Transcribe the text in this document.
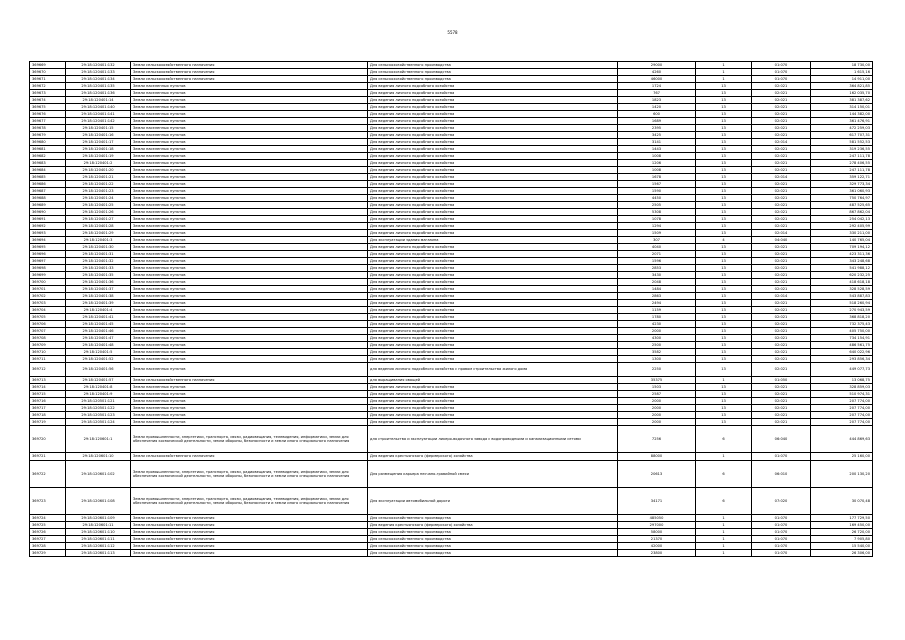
5578
369669	29:18:120401:132	Земли сельскохозяйственного назначения	Для сельскохозяйственного производства	29000	1	01:070	18 730,00
369670	29:18:120401:133	Земли сельскохозяйственного назначения	Для сельскохозяйственного производства	4260	1	01:070	1 615,16
369671	29:18:120401:134	Земли сельскохозяйственного назначения	Для сельскохозяйственного производства	46000	1	01:070	14 911,00
369672	29:18:120401:135	Земли населенных пунктов	Для ведения личного подсобного хозяйства	1724	13	02:021	364 821,85
369673	29:18:120401:136	Земли населенных пунктов	Для ведения личного подсобного хозяйства	767	13	02:021	162 035,70
369674	29:18:120401:14	Земли населенных пунктов	Для ведения личного подсобного хозяйства	1823	13	02:021	381 387,62
369675	29:18:120401:140	Земли населенных пунктов	Для ведения личного подсобного хозяйства	1420	13	02:021	314 150,01
369676	29:18:120401:141	Земли населенных пунктов	Для ведения личного подсобного хозяйства	600	13	02:021	144 382,00
369677	29:18:120401:142	Земли населенных пунктов	Для ведения личного подсобного хозяйства	1689	13	02:021	361 476,91
369678	29:18:120401:15	Земли населенных пунктов	Для ведения личного подсобного хозяйства	2395	13	02:021	472 259,03
369679	29:18:120401:16	Земли населенных пунктов	Для ведения личного подсобного хозяйства	3425	13	02:021	617 707,31
369680	29:18:120401:17	Земли населенных пунктов	Для ведения личного подсобного хозяйства	3141	13	02:014	581 552,53
369681	29:18:120401:18	Земли населенных пунктов	Для ведения личного подсобного хозяйства	1443	13	02:021	319 236,55
369682	29:18:120401:19	Земли населенных пунктов	Для ведения личного подсобного хозяйства	1008	13	02:021	247 111,78
369683	29:18:120401:2	Земли населенных пунктов	Для ведения личного подсобного хозяйства	1206	13	02:021	278 406,55
369684	29:18:120401:20	Земли населенных пунктов	Для ведения личного подсобного хозяйства	1008	13	02:021	247 111,78
369685	29:18:120401:21	Земли населенных пунктов	Для ведения личного подсобного хозяйства	1678	13	02:014	359 122,71
369686	29:18:120401:22	Земли населенных пунктов	Для ведения личного подсобного хозяйства	1567	13	02:021	329 773,34
369687	29:18:120401:23	Земли населенных пунктов	Для ведения личного подсобного хозяйства	1590	13	02:021	361 060,93
369688	29:18:120401:24	Земли населенных пунктов	Для ведения личного подсобного хозяйства	4450	13	02:021	750 764,97
369689	29:18:120401:25	Земли населенных пунктов	Для ведения личного подсобного хозяйства	2505	13	02:021	487 525,65
369690	29:18:120401:26	Земли населенных пунктов	Для ведения личного подсобного хозяйства	5308	13	02:021	867 862,04
369691	29:18:120401:27	Земли населенных пунктов	Для ведения личного подсобного хозяйства	1078	13	02:021	254 042,13
369692	29:18:120401:28	Земли населенных пунктов	Для ведения личного подсобного хозяйства	1294	13	02:021	292 405,99
369693	29:18:120401:29	Земли населенных пунктов	Для ведения личного подсобного хозяйства	1509	13	02:014	330 211,00
369694	29:18:120401:3	Земли населенных пунктов	Для эксплуатации здания магазина	307	4	04:040	140 765,04
369695	29:18:120401:30	Земли населенных пунктов	Для ведения личного подсобного хозяйства	4040	13	02:021	709 194,12
369696	29:18:120401:31	Земли населенных пунктов	Для ведения личного подсобного хозяйства	2071	13	02:021	423 311,36
369697	29:18:120401:32	Земли населенных пунктов	Для ведения личного подсобного хозяйства	1596	13	02:021	343 248,68
369698	29:18:120401:33	Земли населенных пунктов	Для ведения личного подсобного хозяйства	2853	13	02:021	541 988,12
369699	29:18:120401:35	Земли населенных пунктов	Для ведения личного подсобного хозяйства	3430	13	02:021	620 232,25
369700	29:18:120401:36	Земли населенных пунктов	Для ведения личного подсобного хозяйства	2048	13	02:021	418 618,18
369701	29:18:120401:37	Земли населенных пунктов	Для ведения личного подсобного хозяйства	1484	13	02:021	328 528,59
369702	29:18:120401:38	Земли населенных пунктов	Для ведения личного подсобного хозяйства	2863	13	02:014	543 887,83
369703	29:18:120401:39	Земли населенных пунктов	Для ведения личного подсобного хозяйства	2494	13	02:021	518 260,94
369704	29:18:120401:4	Земли населенных пунктов	Для ведения личного подсобного хозяйства	1159	13	02:021	270 943,59
369705	29:18:120401:41	Земли населенных пунктов	Для ведения личного подсобного хозяйства	1780	13	02:021	368 818,20
369706	29:18:120401:45	Земли населенных пунктов	Для ведения личного подсобного хозяйства	4230	13	02:021	732 375,43
369707	29:18:120401:46	Земли населенных пунктов	Для ведения личного подсобного хозяйства	2000	13	02:021	405 750,00
369708	29:18:120401:47	Земли населенных пунктов	Для ведения личного подсобного хозяйства	4300	13	02:021	734 154,91
369709	29:18:120401:48	Земли населенных пунктов	Для ведения личного подсобного хозяйства	2500	13	02:021	486 561,75
369710	29:18:120401:5	Земли населенных пунктов	Для ведения личного подсобного хозяйства	3582	13	02:021	640 022,96
369711	29:18:120401:52	Земли населенных пунктов	Для ведения личного подсобного хозяйства	1300	13	02:021	293 856,34
369712	29:18:120401:56	Земли населенных пунктов	для ведения личного подсобного хозяйства с правом строительства жилого дома	2250	13	02:021	449 077,73
369713	29:18:120401:57	Земли сельскохозяйственного назначения	для выращивания овощей	35375	1	01:050	13 068,75
369714	29:18:120401:8	Земли населенных пунктов	Для ведения личного подсобного хозяйства	1503	13	02:021	328 859,03
369715	29:18:120401:9	Земли населенных пунктов	Для ведения личного подсобного хозяйства	2587	13	02:021	510 974,31
369716	29:18:120501:121	Земли населенных пунктов	Для ведения личного подсобного хозяйства	2000	13	02:021	207 774,00
369717	29:18:120501:122	Земли населенных пунктов	Для ведения личного подсобного хозяйства	2000	13	02:021	207 774,00
369718	29:18:120501:123	Земли населенных пунктов	Для ведения личного подсобного хозяйства	2000	13	02:021	207 774,00
369719	29:18:120501:124	Земли населенных пунктов	Для ведения личного подсобного хозяйства	2000	13	02:021	207 774,00
369720	29:18:120601:1	Земли промышленности, энергетики, транспорта, связи, радиовещания, телевидения, информатики, земли для обеспечения космической деятельности, земли обороны, безопасности и земли иного специального назначения	для строительства и эксплуатации ликеро-водочного завода с водопроводными и канализационными сетями	7256	6	06:040	444 869,63
369721	29:18:120601:10	Земли сельскохозяйственного назначения	Для ведения крестьянского (фермерского) хозяйства	88000	1	01:070	25 160,00
369722	29:18:120601:102	Земли промышленности, энергетики, транспорта, связи, радиовещания, телевидения, информатики, земли для обеспечения космической деятельности, земли обороны, безопасности и земли иного специального назначения	Для размещения карьера песчано-гравийной смеси	20613	6	06:010	200 130,20
369723	29:18:120601:108	Земли промышленности, энергетики, транспорта, связи, радиовещания, телевидения, информатики, земли для обеспечения космической деятельности, земли обороны, безопасности и земли иного специального назначения	Для эксплуатации автомобильной дороги	34171	6	07:020	30 070,48
369724	29:18:120601:109	Земли сельскохозяйственного назначения	Для сельскохозяйственного производства	485050	1	01:070	177 729,50
369725	29:18:120601:11	Земли сельскохозяйственного назначения	Для ведения крестьянского (фермерского) хозяйства	297000	1	01:070	169 450,00
369726	29:18:120601:110	Земли сельскохозяйственного назначения	Для сельскохозяйственного производства	58000	1	01:070	26 720,00
369727	29:18:120601:111	Земли сельскохозяйственного назначения	Для сельскохозяйственного производства	21370	1	01:070	7 905,80
369728	29:18:120601:112	Земли сельскохозяйственного назначения	Для сельскохозяйственного производства	42000	1	01:070	15 540,00
369729	29:18:120601:113	Земли сельскохозяйственного назначения	Для сельскохозяйственного производства	23800	1	01:070	26 306,00
